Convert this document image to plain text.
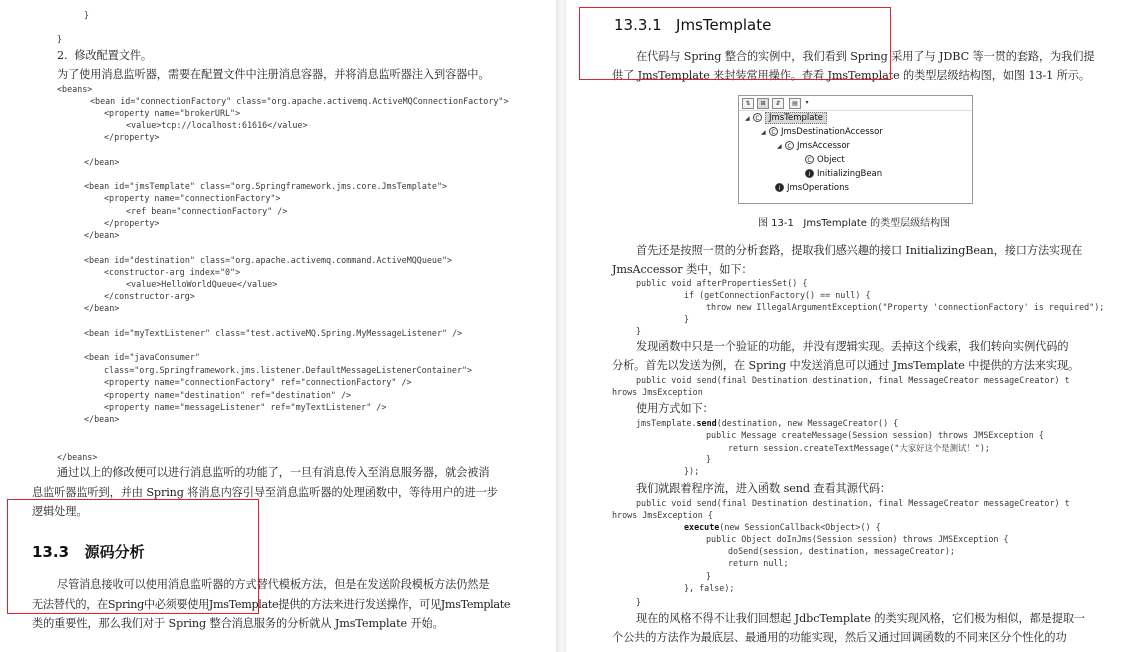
}
}
2.  修改配置文件。
为了使用消息监听器，需要在配置文件中注册消息容器，并将消息监听器注入到容器中。
<beans>
<bean id="connectionFactory" class="org.apache.activemq.ActiveMQConnectionFactory">
<property name="brokerURL">
<value>tcp://localhost:61616</value>
</property>
</bean>
<bean id="jmsTemplate" class="org.Springframework.jms.core.JmsTemplate">
<property name="connectionFactory">
<ref bean="connectionFactory" />
</property>
</bean>
<bean id="destination" class="org.apache.activemq.command.ActiveMQQueue">
<constructor-arg index="0">
<value>HelloWorldQueue</value>
</constructor-arg>
</bean>
<bean id="myTextListener" class="test.activeMQ.Spring.MyMessageListener" />
<bean id="javaConsumer"
class="org.Springframework.jms.listener.DefaultMessageListenerContainer">
<property name="connectionFactory" ref="connectionFactory" />
<property name="destination" ref="destination" />
<property name="messageListener" ref="myTextListener" />
</bean>
</beans>
通过以上的修改便可以进行消息监听的功能了，一旦有消息传入至消息服务器，就会被消
息监听器监听到，并由 Spring 将消息内容引导至消息监听器的处理函数中，等待用户的进一步
逻辑处理。
13.3   源码分析
尽管消息接收可以使用消息监听器的方式替代模板方法，但是在发送阶段模板方法仍然是
无法替代的，在Spring中必须要使用JmsTemplate提供的方法来进行发送操作，可见JmsTemplate
类的重要性，那么我们对于 Spring 整合消息服务的分析就从 JmsTemplate 开始。
13.3.1   JmsTemplate
在代码与 Spring 整合的实例中，我们看到 Spring 采用了与 JDBC 等一贯的套路，为我们提
供了 JmsTemplate 来封装常用操作。查看 JmsTemplate 的类型层级结构图，如图 13-1 所示。
⇅	⊞	⇵	▤	▾
◢ C JmsTemplate
◢ C JmsDestinationAccessor
◢ C JmsAccessor
C Object
I InitializingBean
I JmsOperations
图 13-1   JmsTemplate 的类型层级结构图
首先还是按照一贯的分析套路，提取我们感兴趣的接口 InitializingBean，接口方法实现在
JmsAccessor 类中，如下：
public void afterPropertiesSet() {
if (getConnectionFactory() == null) {
throw new IllegalArgumentException("Property 'connectionFactory' is required");
}
}
发现函数中只是一个验证的功能，并没有逻辑实现。丢掉这个线索，我们转向实例代码的
分析。首先以发送为例，在 Spring 中发送消息可以通过 JmsTemplate 中提供的方法来实现。
public void send(final Destination destination, final MessageCreator messageCreator) t
hrows JmsException
使用方式如下：
jmsTemplate.send(destination, new MessageCreator() {
public Message createMessage(Session session) throws JMSException {
return session.createTextMessage("大家好这个是测试！");
}
});
我们就跟着程序流，进入函数 send 查看其源代码：
public void send(final Destination destination, final MessageCreator messageCreator) t
hrows JmsException {
execute(new SessionCallback<Object>() {
public Object doInJms(Session session) throws JMSException {
doSend(session, destination, messageCreator);
return null;
}
}, false);
}
现在的风格不得不让我们回想起 JdbcTemplate 的类实现风格，它们极为相似，都是提取一
个公共的方法作为最底层、最通用的功能实现，然后又通过回调函数的不同来区分个性化的功
